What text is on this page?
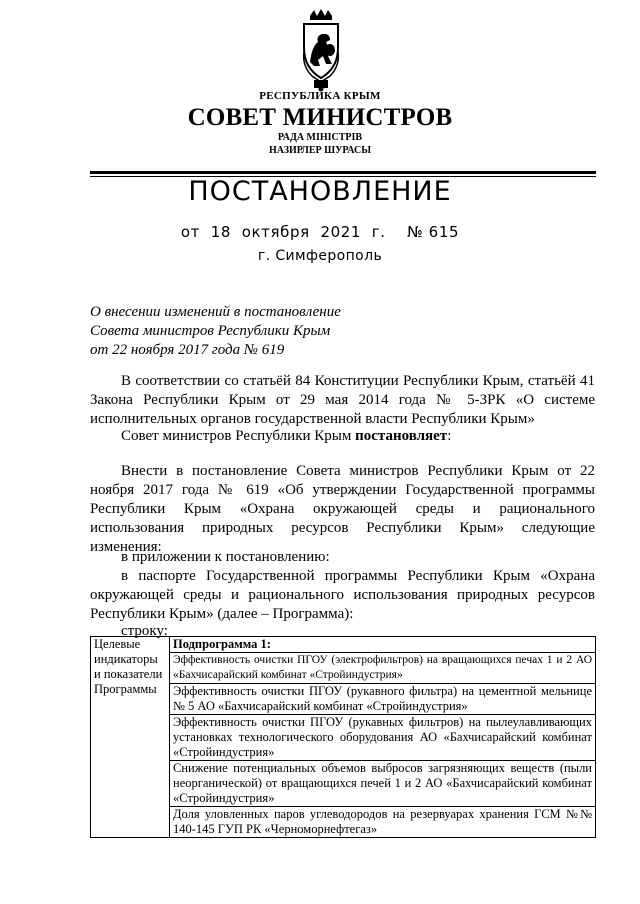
РЕСПУБЛИКА КРЫМ
СОВЕТ МИНИСТРОВ
РАДА МІНІСТРІВ
НАЗИРЛЕР ШУРАСЫ
ПОСТАНОВЛЕНИЕ
от  18  октября  2021  г.    № 615
г. Симферополь
О внесении изменений в постановление
Совета министров Республики Крым
от 22 ноября 2017 года № 619
В соответствии со статьёй 84 Конституции Республики Крым, статьёй 41 Закона Республики Крым от 29 мая 2014 года № 5-ЗРК «О системе исполнительных органов государственной власти Республики Крым»
Совет министров Республики Крым постановляет:
Внести в постановление Совета министров Республики Крым от 22 ноября 2017 года № 619 «Об утверждении Государственной программы Республики Крым «Охрана окружающей среды и рационального использования природных ресурсов Республики Крым» следующие изменения:
в приложении к постановлению:
в паспорте Государственной программы Республики Крым «Охрана окружающей среды и рационального использования природных ресурсов Республики Крым» (далее – Программа):
строку:
Целевые индикаторы и показатели Программы	Подпрограмма 1:
Эффективность очистки ПГОУ (электрофильтров) на вращающихся печах 1 и 2 АО «Бахчисарайский комбинат «Стройиндустрия»
Эффективность очистки ПГОУ (рукавного фильтра) на цементной мельнице № 5 АО «Бахчисарайский комбинат «Стройиндустрия»
Эффективность очистки ПГОУ (рукавных фильтров) на пылеулавливающих установках технологического оборудования АО «Бахчисарайский комбинат «Стройиндустрия»
Снижение потенциальных объемов выбросов загрязняющих веществ (пыли неорганической) от вращающихся печей 1 и 2 АО «Бахчисарайский комбинат «Стройиндустрия»
Доля уловленных паров углеводородов на резервуарах хранения ГСМ №№ 140-145 ГУП РК «Черноморнефтегаз»
